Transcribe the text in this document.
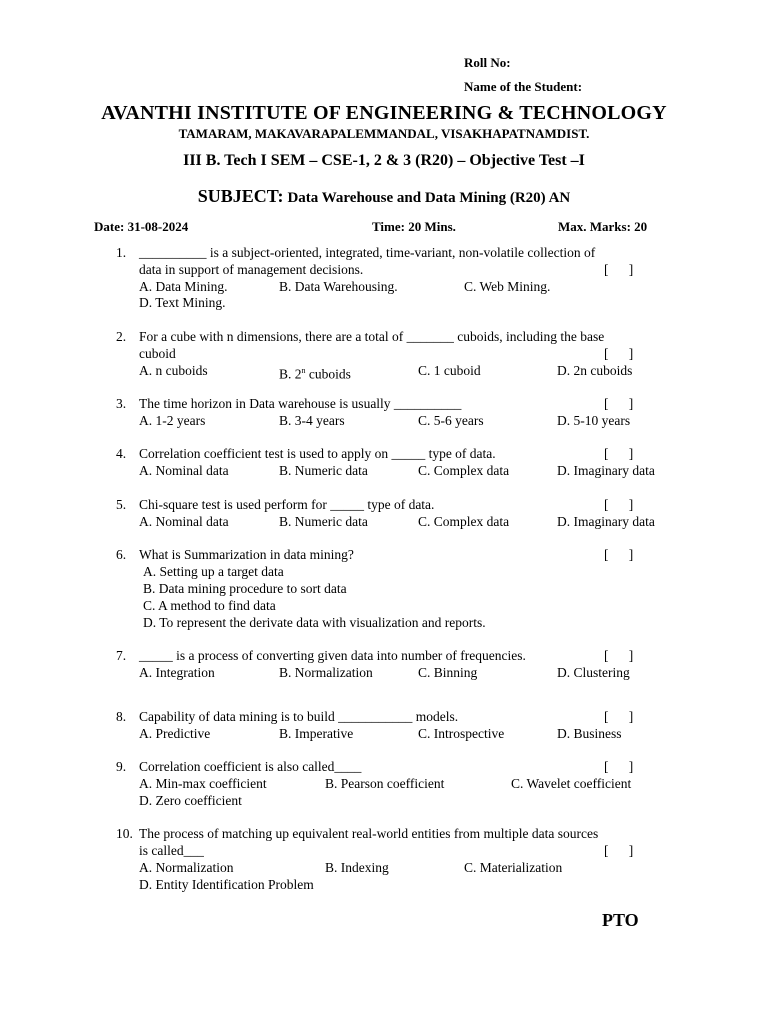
Roll No:
Name of the Student:
AVANTHI INSTITUTE OF ENGINEERING & TECHNOLOGY
TAMARAM, MAKAVARAPALEMMANDAL, VISAKHAPATNAMDIST.
III B. Tech I SEM – CSE-1, 2 & 3 (R20) – Objective Test –I
SUBJECT: Data Warehouse and Data Mining (R20) AN
Date: 31-08-2024	Time: 20 Mins.	Max. Marks: 20
1. __________ is a subject-oriented, integrated, time-variant, non-volatile collection of
data in support of management decisions.	[      ]
A. Data Mining.	B. Data Warehousing.	C. Web Mining.
D. Text Mining.
2. For a cube with n dimensions, there are a total of _______ cuboids, including the base
cuboid	[      ]
A. n cuboids	B. 2$^n$ cuboids	C. 1 cuboid	D. 2n cuboids
3. The time horizon in Data warehouse is usually __________	[      ]
A. 1-2 years	B. 3-4 years	C. 5-6 years	D. 5-10 years
4. Correlation coefficient test is used to apply on _____ type of data.	[      ]
A. Nominal data	B. Numeric data	C. Complex data	D. Imaginary data
5. Chi-square test is used perform for _____ type of data.	[      ]
A. Nominal data	B. Numeric data	C. Complex data	D. Imaginary data
6. What is Summarization in data mining?	[      ]
A. Setting up a target data
B. Data mining procedure to sort data
C. A method to find data
D. To represent the derivate data with visualization and reports.
7. _____ is a process of converting given data into number of frequencies.	[      ]
A. Integration	B. Normalization	C. Binning	D. Clustering
8. Capability of data mining is to build ___________ models.	[      ]
A. Predictive	B. Imperative	C. Introspective	D. Business
9. Correlation coefficient is also called____	[      ]
A. Min-max coefficient	B. Pearson coefficient	C. Wavelet coefficient
D. Zero coefficient
10. The process of matching up equivalent real-world entities from multiple data sources
is called___	[      ]
A. Normalization	B. Indexing	C. Materialization
D. Entity Identification Problem
PTO
